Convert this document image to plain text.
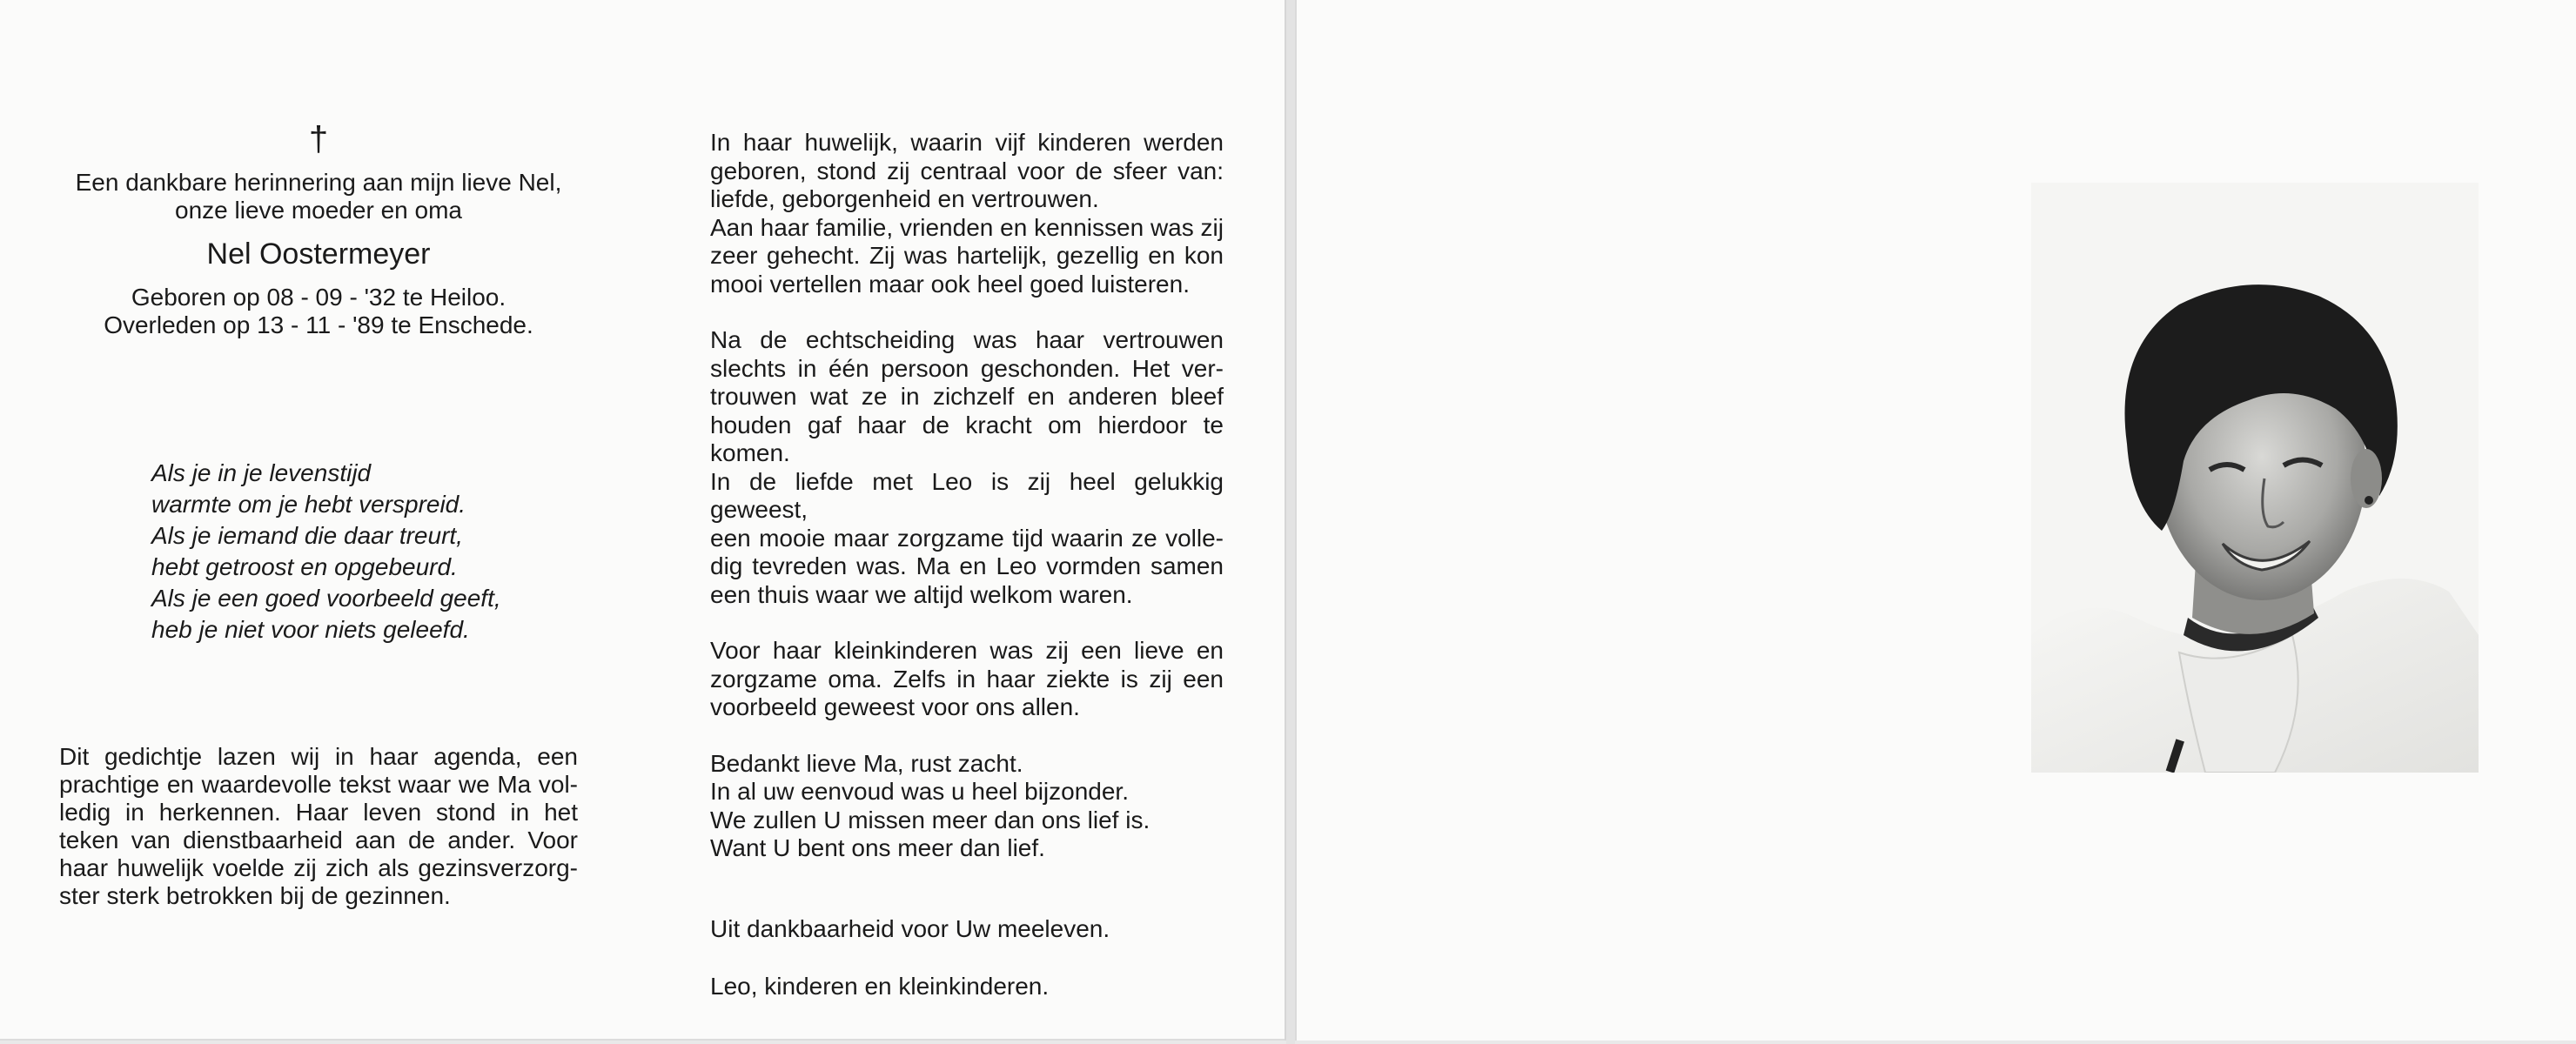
†
Een dankbare herinnering aan mijn lieve Nel,
onze lieve moeder en oma
Nel Oostermeyer
Geboren op 08 - 09 - '32 te Heiloo.
Overleden op 13 - 11 - '89 te Enschede.
Als je in je levenstijd
warmte om je hebt verspreid.
Als je iemand die daar treurt,
hebt getroost en opgebeurd.
Als je een goed voorbeeld geeft,
heb je niet voor niets geleefd.
Dit gedichtje lazen wij in haar agenda, een
prachtige en waardevolle tekst waar we Ma vol-
ledig in herkennen. Haar leven stond in het
teken van dienstbaarheid aan de ander. Voor
haar huwelijk voelde zij zich als gezinsverzorg-
ster sterk betrokken bij de gezinnen.
In haar huwelijk, waarin vijf kinderen werden
geboren, stond zij centraal voor de sfeer van:
liefde, geborgenheid en vertrouwen.
Aan haar familie, vrienden en kennissen was zij
zeer gehecht. Zij was hartelijk, gezellig en kon
mooi vertellen maar ook heel goed luisteren.
Na de echtscheiding was haar vertrouwen
slechts in één persoon geschonden. Het ver-
trouwen wat ze in zichzelf en anderen bleef
houden gaf haar de kracht om hierdoor te
komen.
In de liefde met Leo is zij heel gelukkig geweest,
een mooie maar zorgzame tijd waarin ze volle-
dig tevreden was. Ma en Leo vormden samen
een thuis waar we altijd welkom waren.
Voor haar kleinkinderen was zij een lieve en
zorgzame oma. Zelfs in haar ziekte is zij een
voorbeeld geweest voor ons allen.
Bedankt lieve Ma, rust zacht.
In al uw eenvoud was u heel bijzonder.
We zullen U missen meer dan ons lief is.
Want U bent ons meer dan lief.
Uit dankbaarheid voor Uw meeleven.
Leo, kinderen en kleinkinderen.
